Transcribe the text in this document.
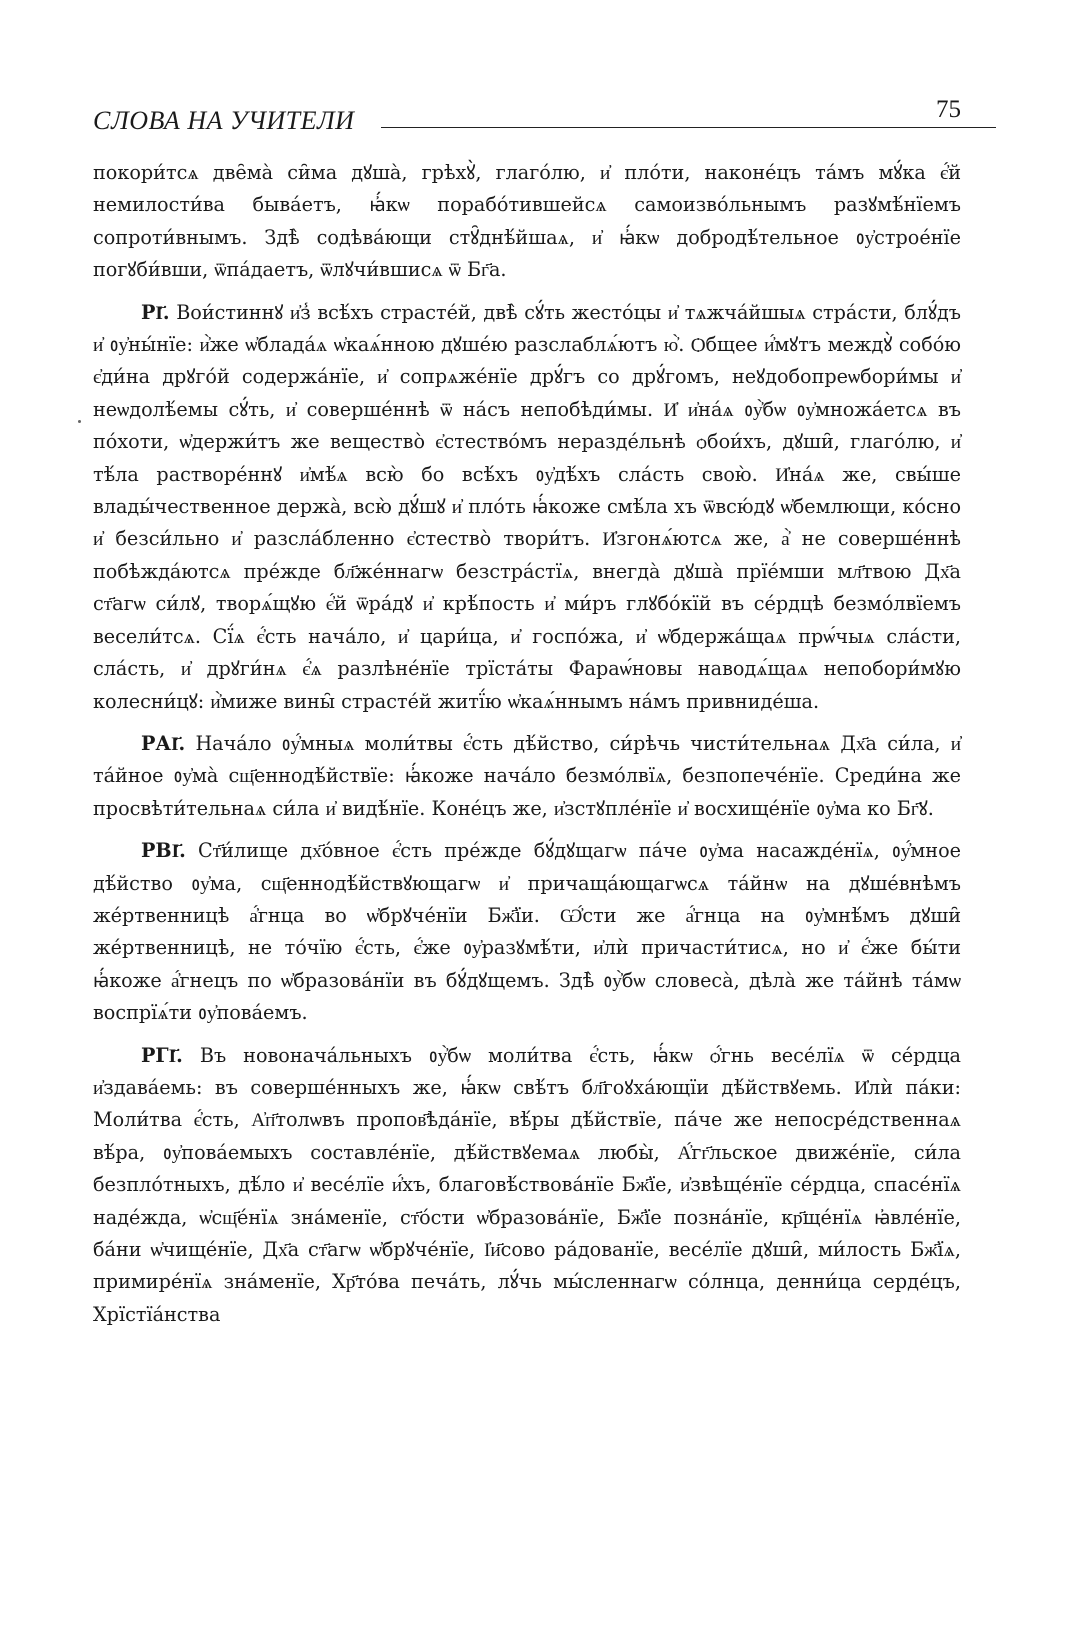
СЛОВА НА УЧИТЕЛИ	75

покори́тсѧ две̑ма̀ си̑ма дꙋша̀, грѣхꙋ̀, глаго́лю, и҆ пло́ти, наконе́цъ та́мъ мꙋ́ка є҆́й немилости́ва быва́етъ, ꙗ҆́кѡ порабо́тившейсѧ самоизво́льнымъ разꙋмѣ́нїемъ сопроти́внымъ. Здѣ̀ содѣва́ющи стꙋ̑днѣ́йшаѧ, и҆ ꙗ҆́кѡ добродѣ́тельное ᲂу҆строе́нїе погꙋби́вши, ѿпа́даетъ, ѿлꙋчи́вшисѧ ѿ Бг҃а.

РІ҃. Вои́стиннꙋ и҆з̾ всѣ́хъ страсте́й, двѣ̀ сꙋ́ть жесто́цы и҆ тѧжча́йшыѧ стра́сти, блꙋ́дъ и҆ ᲂу҆ны́нїе: и҆̀же ѡ҆блада́ѧ ѡ҆каѧ́нною дꙋше́ю разслаблѧ́ютъ ю҆̀. Ѻбщее и҆́мꙋтъ междꙋ̀ собо́ю є҆ди́на дрꙋго́й содержа́нїе, и҆ сопрѧже́нїе дрꙋ́гъ со дрꙋ́гомъ, неꙋдобопреѡбори́мы и҆ неѡдолѣ́емы сꙋ́ть, и҆ соверше́ннѣ ѿ на́съ непобѣди́мы. И҆ и҆на́ѧ ᲂу҆̀бѡ ᲂу҆множа́етсѧ въ по́хоти, ѡ҆держи́тъ же вещество̀ є҆стество́мъ неразде́льнѣ ѻбои́хъ, дꙋши̑, глаго́лю, и҆ тѣ́ла растворе́ннꙋ и҆мѣ́ѧ всю̀ бо всѣ́хъ ᲂу҆дѣ́хъ сла́сть свою̀. И҆на́ѧ же, свы́ше влады́чественное держа̀, всю̀ дꙋ́шꙋ и҆ пло́ть ꙗ҆́коже смѣ́ла хъ ѿвсю́дꙋ ѡ҆бемлющи, ко́сно и҆ безси́льно и҆ разсла́бленно є҆стество̀ твори́тъ. И҆згонѧ́ютсѧ же, а҆̀ не соверше́ннѣ побѣжда́ютсѧ пре́жде бл҃же́ннагѡ безстра́стїѧ, внегда̀ дꙋша̀ прїе́мши мл҃твою Дх҃а ст҃агѡ си́лꙋ, творѧ́щꙋю є҆́й ѿра́дꙋ и҆ крѣ́пость и҆ ми́ръ глꙋбо́кїй въ се́рдцѣ безмо́лвїемъ весели́тсѧ. Сї́ѧ є҆́сть нача́ло, и҆ цари́ца, и҆ госпо́жа, и҆ ѡ҆бдержа́щаѧ прѡ́чыѧ сла́сти, сла́сть, и҆ дрꙋги́нѧ є҆́ѧ разлѣне́нїе трїста́ты Фараѡ́новы наводѧ́щаѧ непобори́мꙋю колесни́цꙋ: и҆̀миже вины̑ страсте́й житї́ю ѡ҆каѧ́ннымъ на́мъ привниде́ша.

РАІ҃. Нача́ло ᲂу҆́мныѧ моли́твы є҆́сть дѣ́йство, си́рѣчь чисти́тельнаѧ Дх҃а си́ла, и҆ та́йное ᲂу҆ма̀ сщ҃еннодѣ́йствїе: ꙗ҆́коже нача́ло безмо́лвїѧ, безпопече́нїе. Среди́на же просвѣти́тельнаѧ си́ла и҆ видѣ́нїе. Коне́цъ же, и҆зстꙋпле́нїе и҆ восхище́нїе ᲂу҆ма ко Бг҃ꙋ.

РВІ҃. Ст҃и́лище дх҃о́вное є҆́сть пре́жде бꙋ́дꙋщагѡ па́че ᲂу҆ма насажде́нїѧ, ᲂу҆́мное дѣ́йство ᲂу҆ма, сщ҃еннодѣ́йствꙋющагѡ и҆ причаща́ющагѡсѧ та́йнѡ на дꙋше́внѣмъ же́ртвенницѣ а҆́гнца во ѡ҆брꙋче́нїи Бж҃їи. Ѡ҆́сти же а҆́гнца на ᲂу҆мнѣ́мъ дꙋши̑ же́ртвенницѣ, не то́чїю є҆́сть, є҆́же ᲂу҆разꙋмѣ́ти, и҆лѝ причасти́тисѧ, но и҆ є҆́же бы́ти ꙗ҆́коже а҆́гнецъ по ѡ҆бразова́нїи въ бꙋ́дꙋщемъ. Здѣ̀ ᲂу҆̀бѡ словеса̀, дѣла̀ же та́йнѣ та́мѡ воспрїѧ́ти ᲂу҆пова́емъ.

РГІ҃. Въ новонача́льныхъ ᲂу҆̀бѡ моли́тва є҆́сть, ꙗ҆́кѡ ѻ҆́гнь весе́лїѧ ѿ се́рдца и҆здава́емь: въ соверше́нныхъ же, ꙗ҆́кѡ свѣ́тъ бл҃гоꙋха́ющїи дѣ́йствꙋемь. И҆лѝ па́ки: Моли́тва є҆́сть, А҆п҃толѡвъ пропов҃ѣда́нїе, вѣ́ры дѣ́йствїе, па́че же непосре́дственнаѧ вѣ́ра, ᲂу҆пова́емыхъ составле́нїе, дѣ́йствꙋемаѧ любы̀, А҆́гг҃льское движе́нїе, си́ла безпло́тныхъ, дѣ́ло и҆ весе́лїе и҆́хъ, благовѣ́ствова́нїе Бж҃їе, и҆звѣще́нїе се́рдца, спасе́нїѧ наде́жда, ѡ҆сщ҃е́нїѧ зна́менїе, ст҃о́сти ѡ҆бразова́нїе, Бж҃їе позна́нїе, кр҃ще́нїѧ ꙗ҆вле́нїе, ба́ни ѡ҆чище́нїе, Дх҃а ст҃агѡ ѡ҆брꙋче́нїе, І҆и҃сово ра́дованїе, весе́лїе дꙋши̑, ми́лость Бж҃їѧ, примире́нїѧ зна́менїе, Хр҃то́ва печа́ть, лꙋ́чь мы́сленнагѡ со́лнца, денни́ца серде́цъ, Хрїстїа́нства
